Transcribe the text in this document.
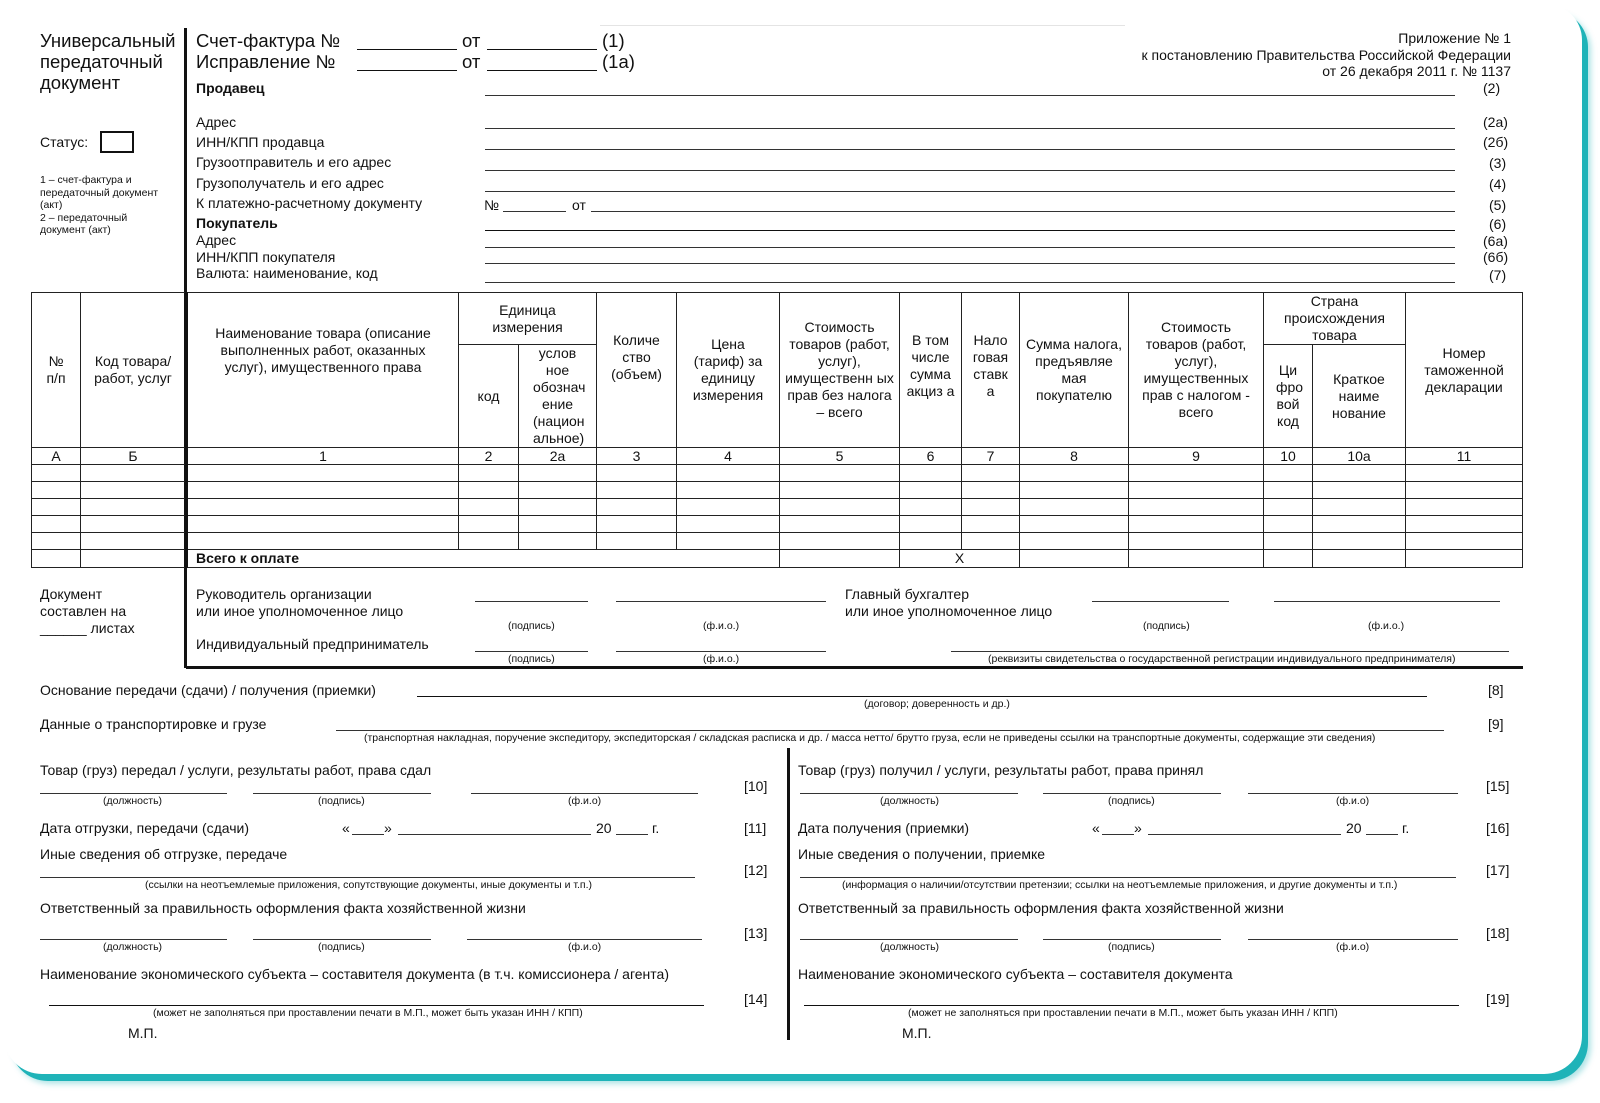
Универсальный
передаточный
документ
Статус:
1 – счет-фактура и
передаточный документ
(акт)
2 – передаточный
документ (акт)
Счет-фактура №	от	(1)
Исправление №	от	(1а)
Приложение № 1
к постановлению Правительства Российской Федерации
от 26 декабря 2011 г. № 1137
Продавец	(2)
Адрес	(2а)
ИНН/КПП продавца	(2б)
Грузоотправитель и его адрес	(3)
Грузополучатель и его адрес	(4)
К платежно-расчетному документу	№	от	(5)
Покупатель	(6)
Адрес	(6а)
ИНН/КПП покупателя	(6б)
Валюта: наименование, код	(7)
№ п/п	Код товара/ работ, услуг	Наименование товара (описание выполненных работ, оказанных услуг), имущественного права	Единица измерения		Количе ство (объем)	Цена (тариф) за единицу измерения	Стоимость товаров (работ, услуг), имущественн ых прав без налога – всего	В том числе сумма акциз а	Нало говая ставк а	Сумма налога, предъявляе мая покупателю	Стоимость товаров (работ, услуг), имущественных прав с налогом - всего	Страна происхождения товара		Номер таможенной декларации
			код	услов ное обознач ение (национ альное)								Ци фро вой код	Краткое наиме нование	
А	Б	1	2	2а	3	4	5	6	7	8	9	10	10а	11

		Всего к оплате						X						
Документ
составлен на
______ листах
Руководитель организации
или иное уполномоченное лицо
(подпись)	(ф.и.о.)
Главный бухгалтер
или иное уполномоченное лицо
(подпись)	(ф.и.о.)
Индивидуальный предприниматель
(подпись)	(ф.и.о.)	(реквизиты свидетельства о государственной регистрации индивидуального предпринимателя)
Основание передачи (сдачи) / получения (приемки)
(договор; доверенность и др.)
[8]
Данные о транспортировке и грузе
(транспортная накладная, поручение экспедитору, экспедиторская / складская расписка и др. / масса нетто/ брутто груза, если не приведены ссылки на транспортные документы, содержащие эти сведения)
[9]
Товар (груз) передал / услуги, результаты работ, права сдал
[10]
(должность)	(подпись)	(ф.и.о)
Дата отгрузки, передачи (сдачи)	« »	20	г.	[11]
Иные сведения об отгрузке, передаче
(ссылки на неотъемлемые приложения, сопутствующие документы, иные документы и т.п.)
[12]
Ответственный за правильность оформления факта хозяйственной жизни
[13]
(должность)	(подпись)	(ф.и.о)
Наименование экономического субъекта – составителя документа (в т.ч. комиссионера / агента)
(может не заполняться при проставлении печати в М.П., может быть указан ИНН / КПП)
[14]
М.П.
Товар (груз) получил / услуги, результаты работ, права принял
[15]
(должность)	(подпись)	(ф.и.о)
Дата получения (приемки)	« »	20	г.	[16]
Иные сведения о получении, приемке
(информация о наличии/отсутствии претензии; ссылки на неотъемлемые приложения, и другие документы и т.п.)
[17]
Ответственный за правильность оформления факта хозяйственной жизни
[18]
(должность)	(подпись)	(ф.и.о)
Наименование экономического субъекта – составителя документа
(может не заполняться при проставлении печати в М.П., может быть указан ИНН / КПП)
[19]
М.П.
